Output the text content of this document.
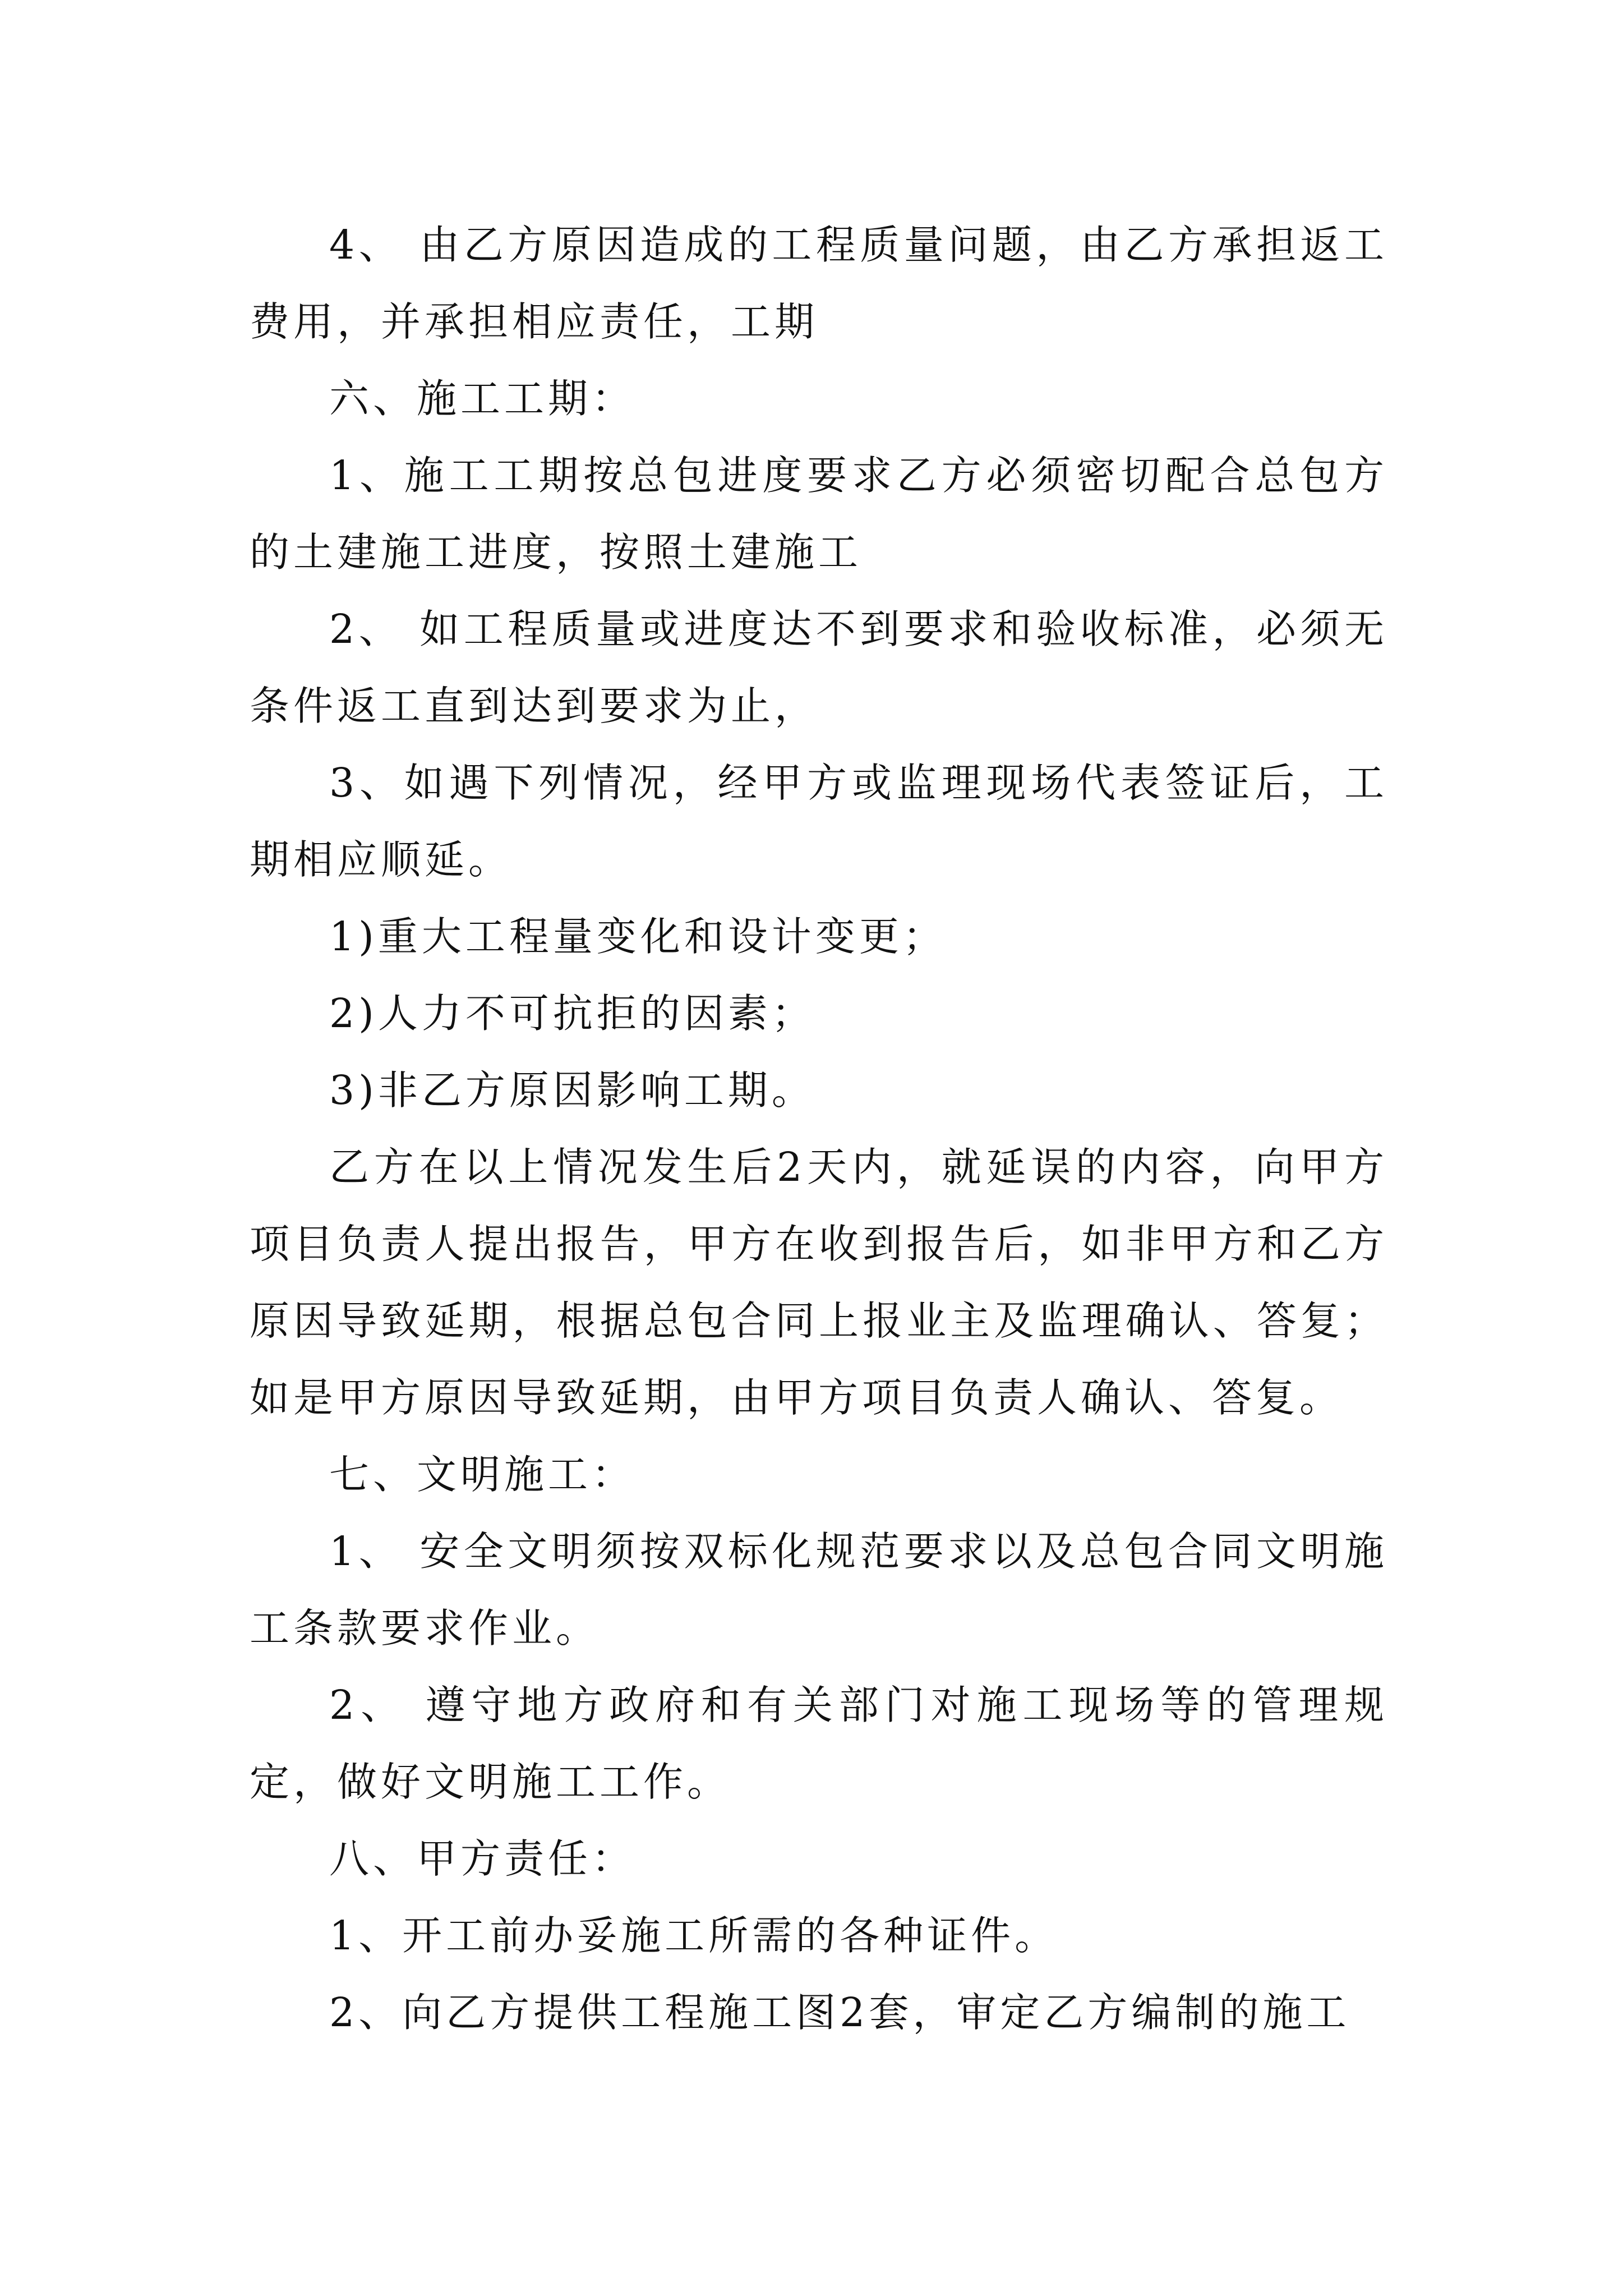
4、 由乙方原因造成的工程质量问题，由乙方承担返工费用，并承担相应责任，工期

六、施工工期：

1、施工工期按总包进度要求乙方必须密切配合总包方的土建施工进度，按照土建施工

2、 如工程质量或进度达不到要求和验收标准，必须无条件返工直到达到要求为止，

3、如遇下列情况，经甲方或监理现场代表签证后，工期相应顺延。

1)重大工程量变化和设计变更；

2)人力不可抗拒的因素；

3)非乙方原因影响工期。

乙方在以上情况发生后2天内，就延误的内容，向甲方项目负责人提出报告，甲方在收到报告后，如非甲方和乙方原因导致延期，根据总包合同上报业主及监理确认、答复；如是甲方原因导致延期，由甲方项目负责人确认、答复。

七、文明施工：

1、 安全文明须按双标化规范要求以及总包合同文明施工条款要求作业。

2、 遵守地方政府和有关部门对施工现场等的管理规定，做好文明施工工作。

八、甲方责任：

1、开工前办妥施工所需的各种证件。

2、向乙方提供工程施工图2套，审定乙方编制的施工
